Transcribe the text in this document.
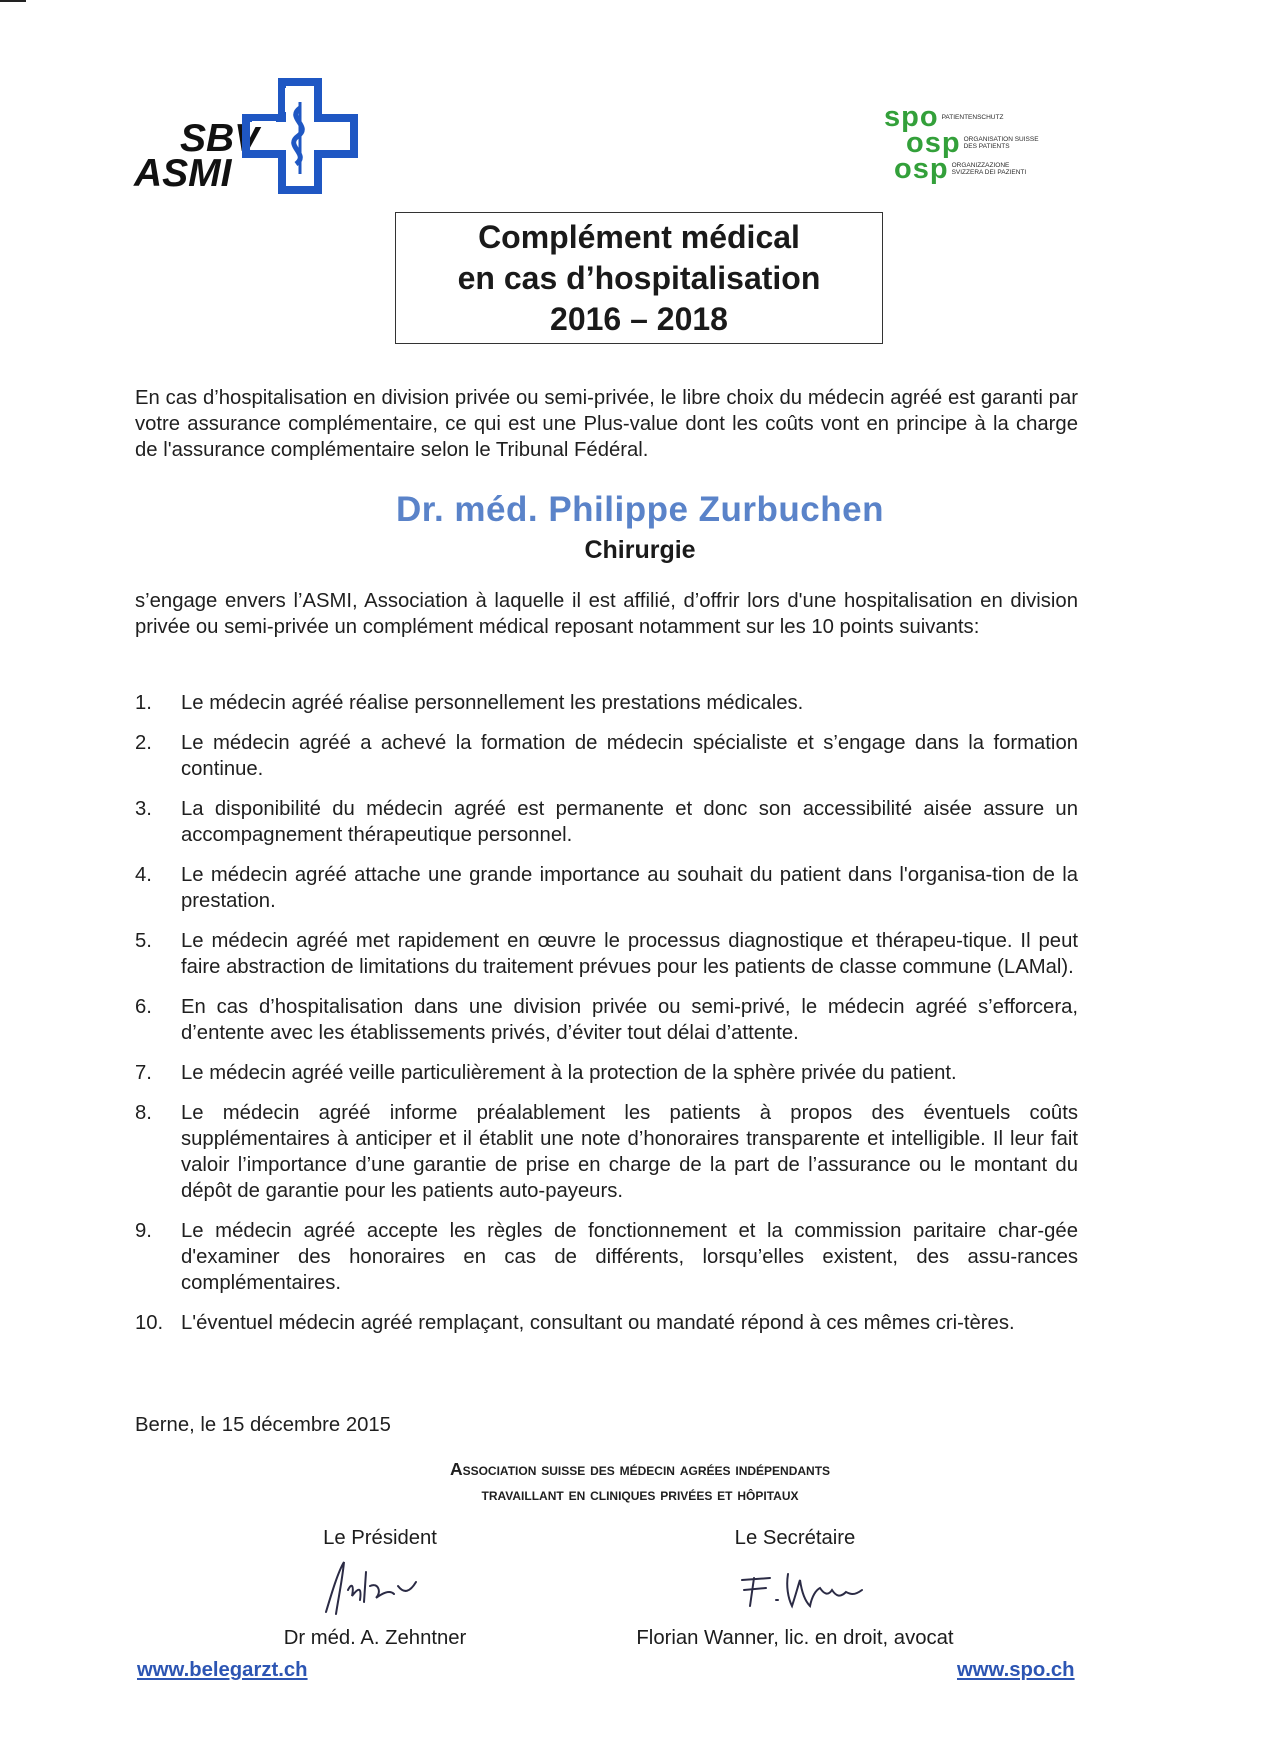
SBV
ASMI
spo PATIENTENSCHUTZ
osp ORGANISATION SUISSE DES PATIENTS
osp ORGANIZZAZIONE SVIZZERA DEI PAZIENTI
Complément médical
en cas d’hospitalisation
2016 – 2018
En cas d’hospitalisation en division privée ou semi-privée, le libre choix du médecin agréé est garanti par votre assurance complémentaire, ce qui est une Plus-value dont les coûts vont en principe à la charge de l'assurance complémentaire selon le Tribunal Fédéral.
Dr. méd. Philippe Zurbuchen
Chirurgie
s’engage envers l’ASMI, Association à laquelle il est affilié, d’offrir lors d'une hospitalisation en division privée ou semi-privée un complément médical reposant notamment sur les 10 points suivants:
1.	Le médecin agréé réalise personnellement les prestations médicales.
2.	Le médecin agréé a achevé la formation de médecin spécialiste et s’engage dans la formation continue.
3.	La disponibilité du médecin agréé est permanente et donc son accessibilité aisée assure un accompagnement thérapeutique personnel.
4.	Le médecin agréé attache une grande importance au souhait du patient dans l'organisa-tion de la prestation.
5.	Le médecin agréé met rapidement en œuvre le processus diagnostique et thérapeu-tique. Il peut faire abstraction de limitations du traitement prévues pour les patients de classe commune (LAMal).
6.	En cas d’hospitalisation dans une division privée ou semi-privé, le médecin agréé s’efforcera, d’entente avec les établissements privés, d’éviter tout délai d’attente.
7.	Le médecin agréé veille particulièrement à la protection de la sphère privée du patient.
8.	Le médecin agréé informe préalablement les patients à propos des éventuels coûts supplémentaires à anticiper et il établit une note d’honoraires transparente et intelligible. Il leur fait valoir l’importance d’une garantie de prise en charge de la part de l’assurance ou le montant du dépôt de garantie pour les patients auto-payeurs.
9.	Le médecin agréé accepte les règles de fonctionnement et la commission paritaire char-gée d'examiner des honoraires en cas de différents, lorsqu’elles existent, des assu-rances complémentaires.
10. L'éventuel médecin agréé remplaçant, consultant ou mandaté répond à ces mêmes cri-tères.
Berne, le 15 décembre 2015
Association suisse des médecin agrées indépendants
travaillant en cliniques privées et hôpitaux
Le Président	Le Secrétaire
Dr méd. A. Zehntner	Florian Wanner, lic. en droit, avocat
www.belegarzt.ch	www.spo.ch
